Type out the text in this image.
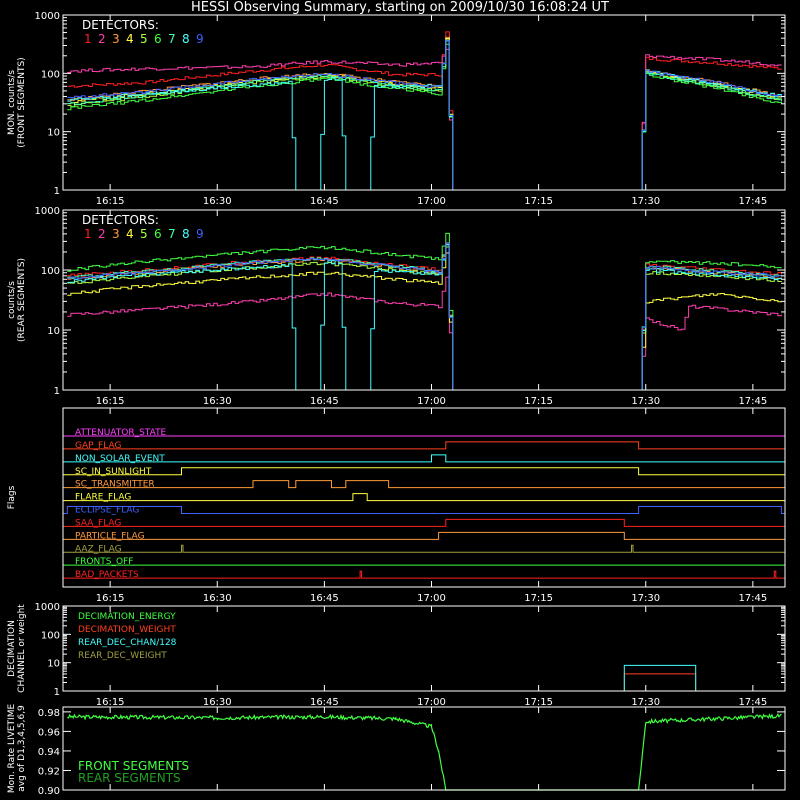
HESSI Observing Summary, starting on 2009/10/30 16:08:24 UT
1
10
100
1000
16:15	16:30	16:45	17:00	17:15	17:30	17:45
MON. counts/s (FRONT SEGMENTS)
DETECTORS:
1 2 3 4 5 6 7 8 9
1
10
100
1000
16:15	16:30	16:45	17:00	17:15	17:30	17:45
counts/s (REAR SEGMENTS)
DETECTORS:
1 2 3 4 5 6 7 8 9
ATTENUATOR_STATE
GAP_FLAG
NON_SOLAR_EVENT
SC_IN_SUNLIGHT
SC_TRANSMITTER
FLARE_FLAG
ECLIPSE_FLAG
SAA_FLAG
PARTICLE_FLAG
AAZ_FLAG
FRONTS_OFF
BAD_PACKETS
16:15	16:30	16:45	17:00	17:15	17:30	17:45
Flags
DECIMATION_ENERGY
DECIMATION_WEIGHT
REAR_DEC_CHAN/128
REAR_DEC_WEIGHT
1
10
100
1000
16:15	16:30	16:45	17:00	17:15	17:30	17:45
DECIMATION CHANNEL or weight
0.90
0.92
0.94
0.96
0.98
Mon. Rate LIVETIME avg of D1,3,4,5,6,9	FRONT SEGMENTS
REAR SEGMENTS
